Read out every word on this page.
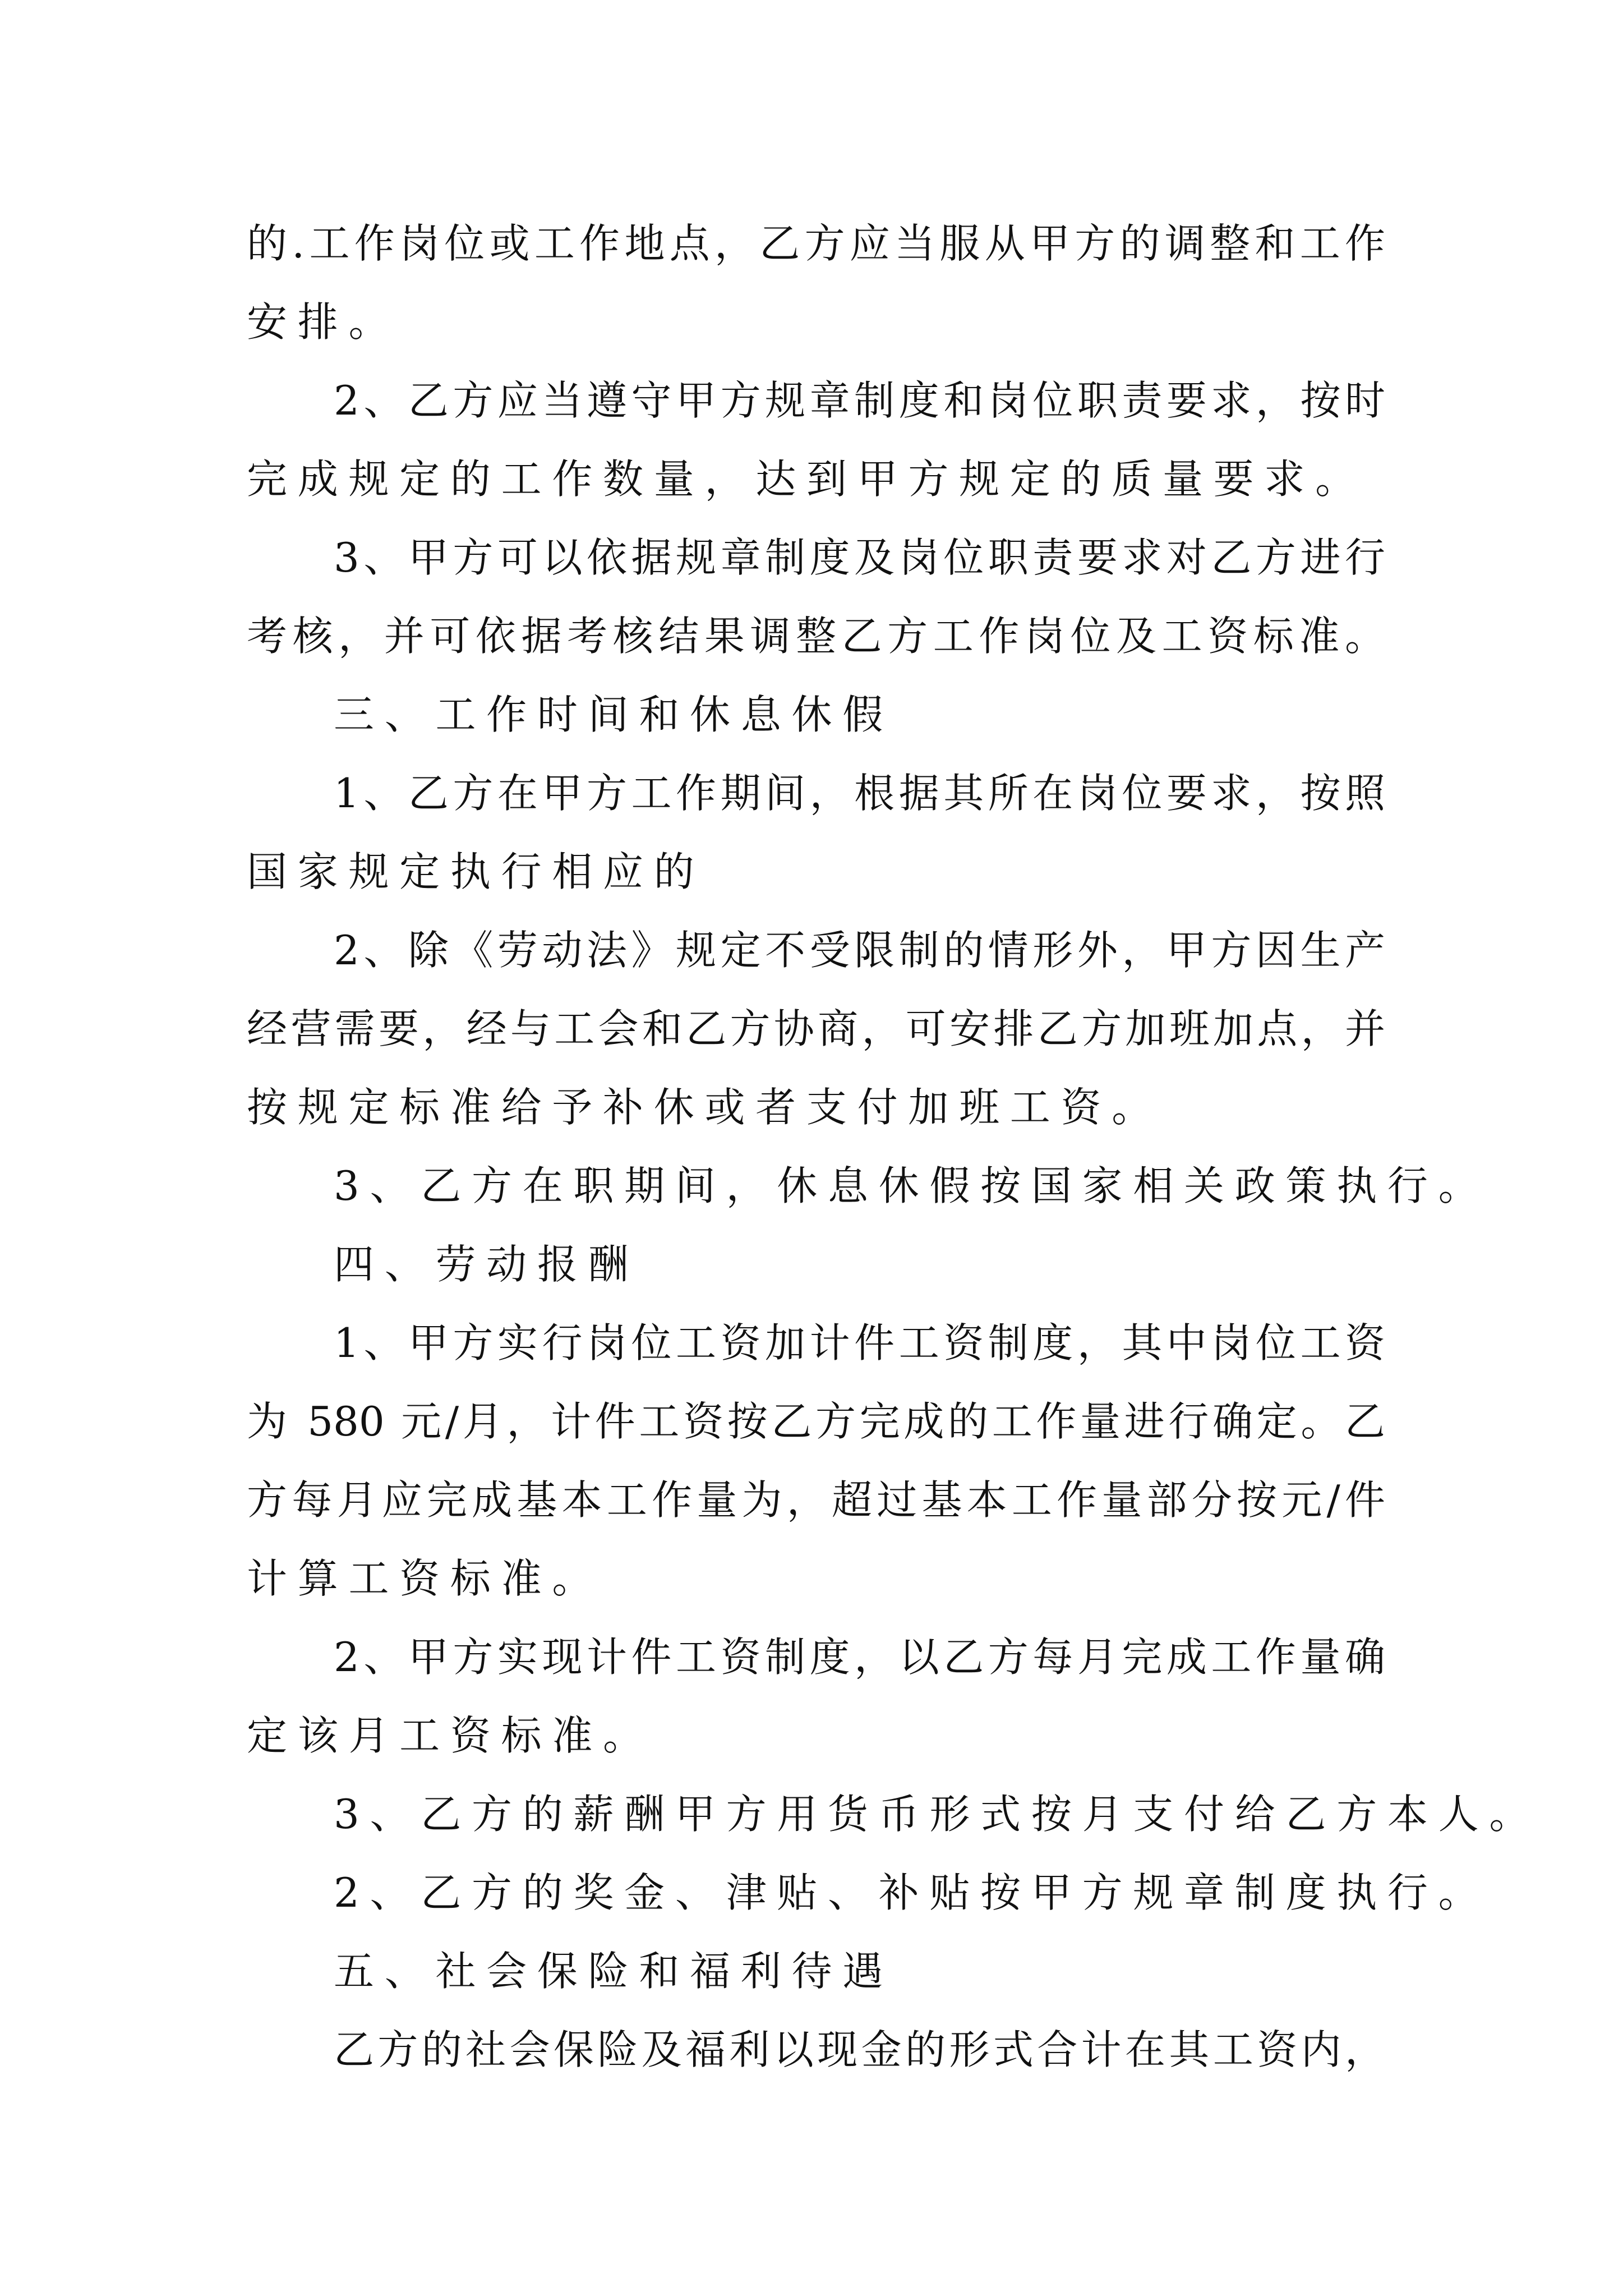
的.工作岗位或工作地点，乙方应当服从甲方的调整和工作
安排。
2、乙方应当遵守甲方规章制度和岗位职责要求，按时
完成规定的工作数量，达到甲方规定的质量要求。
3、甲方可以依据规章制度及岗位职责要求对乙方进行
考核，并可依据考核结果调整乙方工作岗位及工资标准。
三、工作时间和休息休假
1、乙方在甲方工作期间，根据其所在岗位要求，按照
国家规定执行相应的
2、除《劳动法》规定不受限制的情形外，甲方因生产
经营需要，经与工会和乙方协商，可安排乙方加班加点，并
按规定标准给予补休或者支付加班工资。
3、乙方在职期间，休息休假按国家相关政策执行。
四、劳动报酬
1、甲方实行岗位工资加计件工资制度，其中岗位工资
为 580 元/月，计件工资按乙方完成的工作量进行确定。乙
方每月应完成基本工作量为，超过基本工作量部分按元/件
计算工资标准。
2、甲方实现计件工资制度，以乙方每月完成工作量确
定该月工资标准。
3、乙方的薪酬甲方用货币形式按月支付给乙方本人。
2、乙方的奖金、津贴、补贴按甲方规章制度执行。
五、社会保险和福利待遇
乙方的社会保险及福利以现金的形式合计在其工资内，
